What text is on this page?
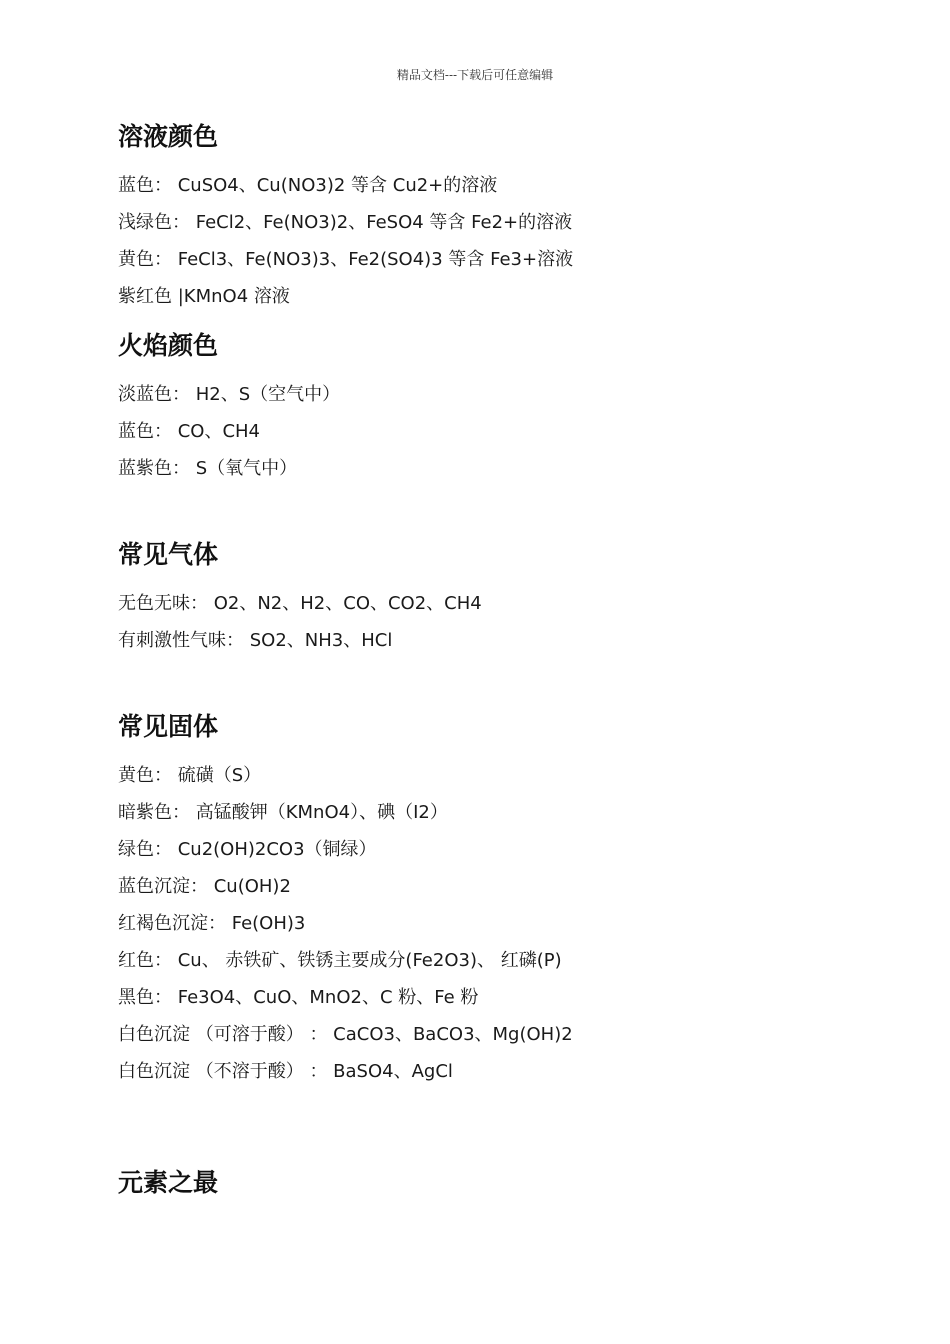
精品文档---下载后可任意编辑
溶液颜色
蓝色： CuSO4、Cu(NO3)2 等含 Cu2+的溶液
浅绿色： FeCl2、Fe(NO3)2、FeSO4 等含 Fe2+的溶液
黄色： FeCl3、Fe(NO3)3、Fe2(SO4)3 等含 Fe3+溶液
紫红色 |KMnO4 溶液
火焰颜色
淡蓝色： H2、S（空气中）
蓝色： CO、CH4
蓝紫色： S（氧气中）
常见气体
无色无味： O2、N2、H2、CO、CO2、CH4
有刺激性气味： SO2、NH3、HCl
常见固体
黄色： 硫磺（S）
暗紫色： 高锰酸钾（KMnO4）、碘（I2）
绿色： Cu2(OH)2CO3（铜绿）
蓝色沉淀： Cu(OH)2
红褐色沉淀： Fe(OH)3
红色： Cu、 赤铁矿、铁锈主要成分(Fe2O3)、 红磷(P)
黑色： Fe3O4、CuO、MnO2、C 粉、Fe 粉
白色沉淀 （可溶于酸） ： CaCO3、BaCO3、Mg(OH)2
白色沉淀 （不溶于酸） ： BaSO4、AgCl
元素之最
